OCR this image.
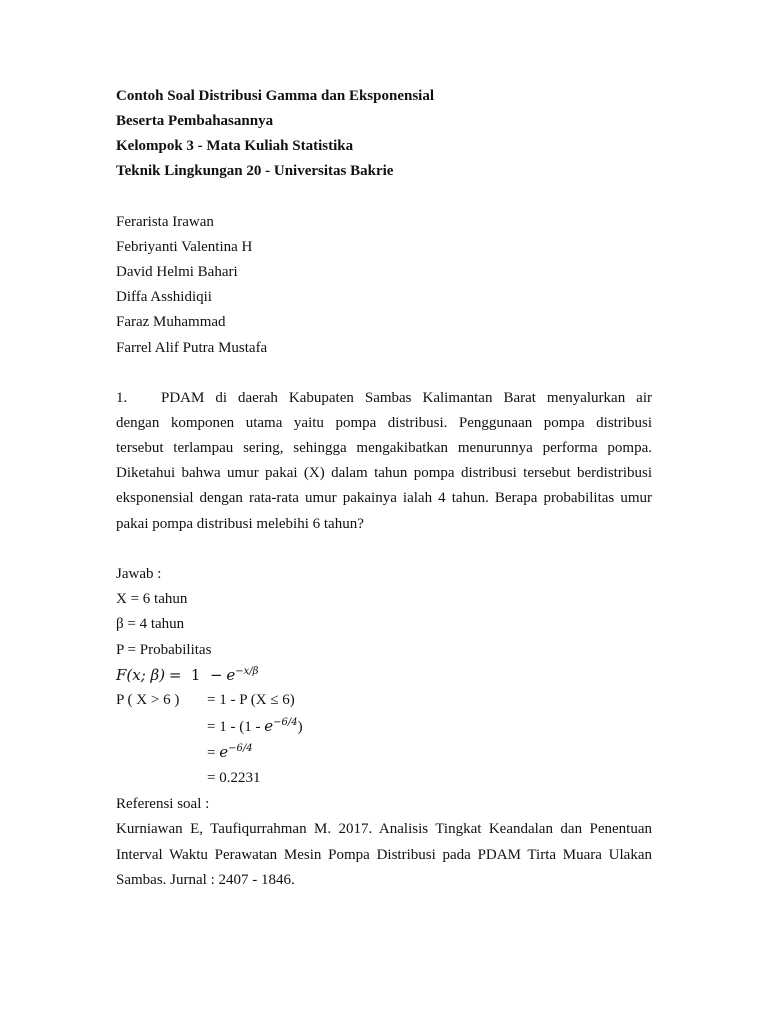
Contoh Soal Distribusi Gamma dan Eksponensial
Beserta Pembahasannya
Kelompok 3 - Mata Kuliah Statistika
Teknik Lingkungan 20 - Universitas Bakrie
Ferarista Irawan
Febriyanti Valentina H
David Helmi Bahari
Diffa Asshidiqii
Faraz Muhammad
Farrel Alif Putra Mustafa
1. PDAM di daerah Kabupaten Sambas Kalimantan Barat menyalurkan air
dengan komponen utama yaitu pompa distribusi. Penggunaan pompa distribusi
tersebut terlampau sering, sehingga mengakibatkan menurunnya performa pompa.
Diketahui bahwa umur pakai (X) dalam tahun pompa distribusi tersebut berdistribusi
eksponensial dengan rata-rata umur pakainya ialah 4 tahun. Berapa probabilitas umur
pakai pompa distribusi melebihi 6 tahun?
Jawab :
X = 6 tahun
β = 4 tahun
P = Probabilitas
F(x; $\beta) = 1 - e^{-x/\beta}$
P ( X > 6 ) = 1 - P (X ≤ 6)
= $1 - (1 - e^{-6/4})$
= $e^{-6/4}$
= 0.2231
Referensi soal :
Kurniawan E, Taufiqurrahman M. 2017. Analisis Tingkat Keandalan dan Penentuan
Interval Waktu Perawatan Mesin Pompa Distribusi pada PDAM Tirta Muara Ulakan
Sambas. Jurnal : 2407 - 1846.
